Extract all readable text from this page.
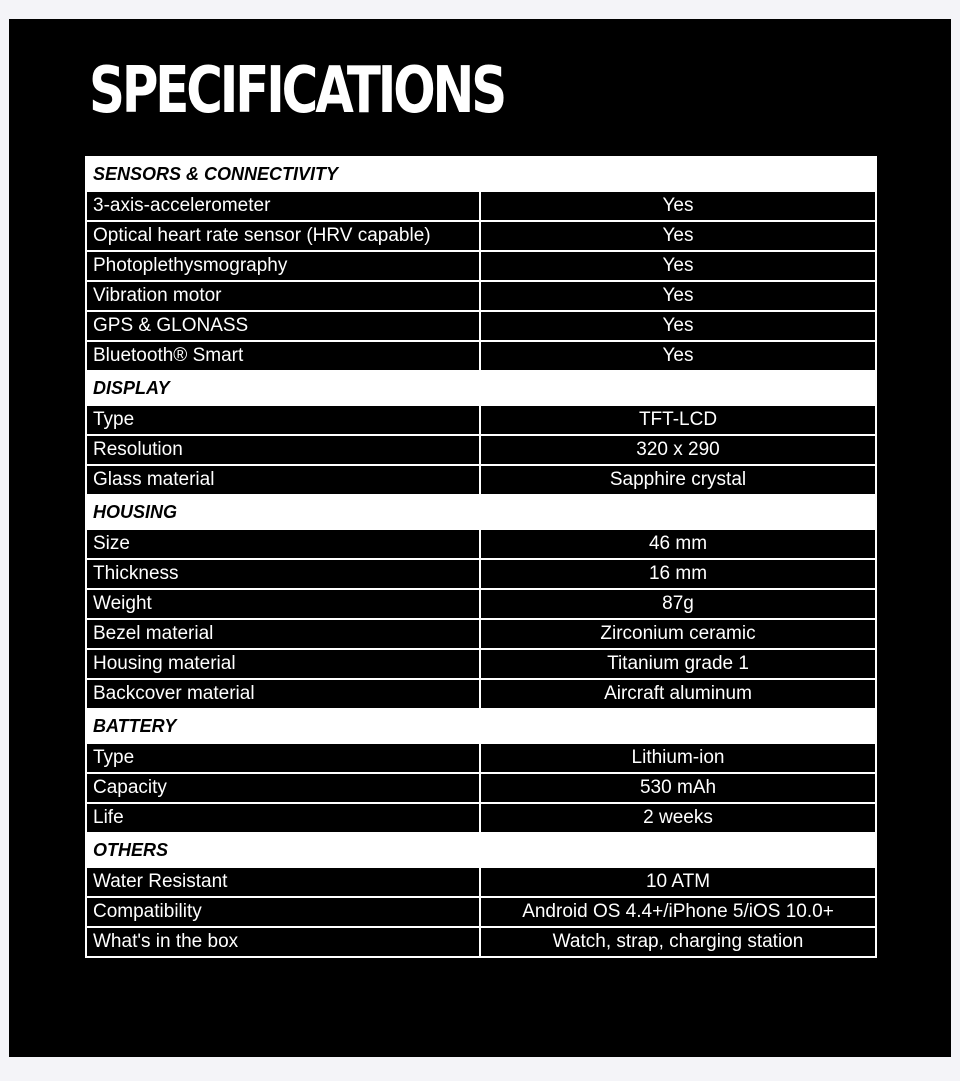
SPECIFICATIONS
SENSORS & CONNECTIVITY	
3-axis-accelerometer	Yes
Optical heart rate sensor (HRV capable)	Yes
Photoplethysmography	Yes
Vibration motor	Yes
GPS & GLONASS	Yes
Bluetooth® Smart	Yes
DISPLAY	
Type	TFT-LCD
Resolution	320 x 290
Glass material	Sapphire crystal
HOUSING	
Size	46 mm
Thickness	16 mm
Weight	87g
Bezel material	Zirconium ceramic
Housing material	Titanium grade 1
Backcover material	Aircraft aluminum
BATTERY	
Type	Lithium-ion
Capacity	530 mAh
Life	2 weeks
OTHERS	
Water Resistant	10 ATM
Compatibility	Android OS 4.4+/iPhone 5/iOS 10.0+
What's in the box	Watch, strap, charging station
